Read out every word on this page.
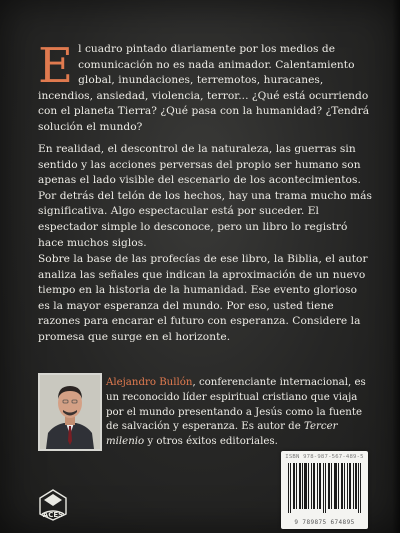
El cuadro pintado diariamente por los medios de comunicación no es nada animador. Calentamiento global, inundaciones, terremotos, huracanes, incendios, ansiedad, violencia, terror... ¿Qué está ocurriendo con el planeta Tierra? ¿Qué pasa con la humanidad? ¿Tendrá solución el mundo?
En realidad, el descontrol de la naturaleza, las guerras sin sentido y las acciones perversas del propio ser humano son apenas el lado visible del escenario de los acontecimientos. Por detrás del telón de los hechos, hay una trama mucho más significativa. Algo espectacular está por suceder. El espectador simple lo desconoce, pero un libro lo registró hace muchos siglos.
Sobre la base de las profecías de ese libro, la Biblia, el autor analiza las señales que indican la aproximación de un nuevo tiempo en la historia de la humanidad. Ese evento glorioso es la mayor esperanza del mundo. Por eso, usted tiene razones para encarar el futuro con esperanza. Considere la promesa que surge en el horizonte.
Alejandro Bullón, conferenciante internacional, es un reconocido líder espiritual cristiano que viaja por el mundo presentando a Jesús como la fuente de salvación y esperanza. Es autor de Tercer milenio y otros éxitos editoriales.
ACES
ISBN 978-987-567-489-5
9 789875 674895
